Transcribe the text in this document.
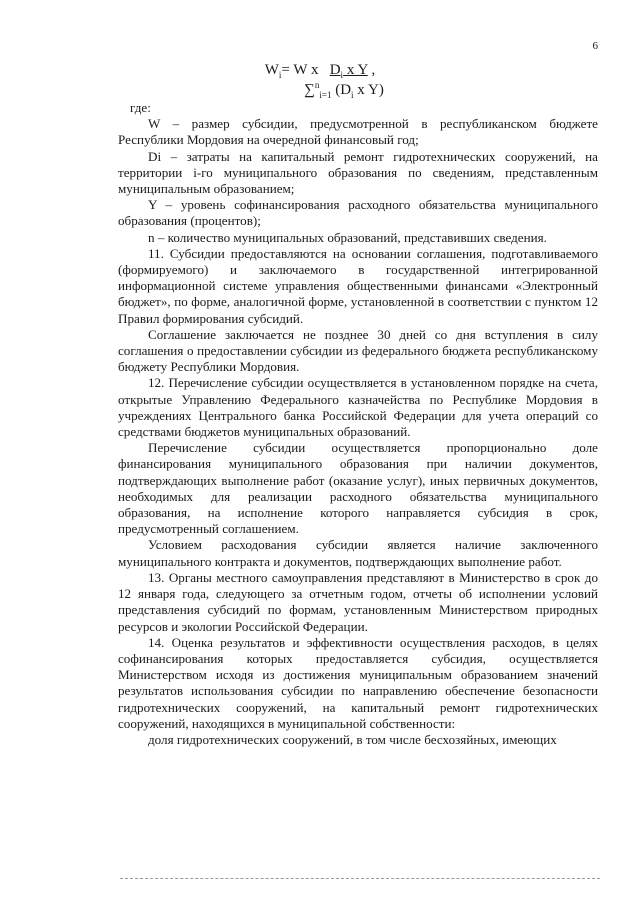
6
$W_i= W$ x $D_i$ x Y ,
∑$^n_{i=1}$ ($D_i$ x Y)

где:

W – размер субсидии, предусмотренной в республиканском бюджете Республики Мордовия на очередной финансовый год;

Di – затраты на капитальный ремонт гидротехнических сооружений, на территории i-го муниципального образования по сведениям, представленным муниципальным образованием;

Y – уровень софинансирования расходного обязательства муниципального образования (процентов);

n – количество муниципальных образований, представивших сведения.

11. Субсидии предоставляются на основании соглашения, подготавливаемого (формируемого) и заключаемого в государственной интегрированной информационной системе управления общественными финансами «Электронный бюджет», по форме, аналогичной форме, установленной в соответствии с пунктом 12 Правил формирования субсидий.

Соглашение заключается не позднее 30 дней со дня вступления в силу соглашения о предоставлении субсидии из федерального бюджета республиканскому бюджету Республики Мордовия.

12. Перечисление субсидии осуществляется в установленном порядке на счета, открытые Управлению Федерального казначейства по Республике Мордовия в учреждениях Центрального банка Российской Федерации для учета операций со средствами бюджетов муниципальных образований.

Перечисление субсидии осуществляется пропорционально доле финансирования муниципального образования при наличии документов, подтверждающих выполнение работ (оказание услуг), иных первичных документов, необходимых для реализации расходного обязательства муниципального образования, на исполнение которого направляется субсидия в срок, предусмотренный соглашением.

Условием расходования субсидии является наличие заключенного муниципального контракта и документов, подтверждающих выполнение работ.

13. Органы местного самоуправления представляют в Министерство в срок до 12 января года, следующего за отчетным годом, отчеты об исполнении условий представления субсидий по формам, установленным Министерством природных ресурсов и экологии Российской Федерации.

14. Оценка результатов и эффективности осуществления расходов, в целях софинансирования которых предоставляется субсидия, осуществляется Министерством исходя из достижения муниципальным образованием значений результатов использования субсидии по направлению обеспечение безопасности гидротехнических сооружений, на капитальный ремонт гидротехнических сооружений, находящихся в муниципальной собственности:

доля гидротехнических сооружений, в том числе бесхозяйных, имеющих
